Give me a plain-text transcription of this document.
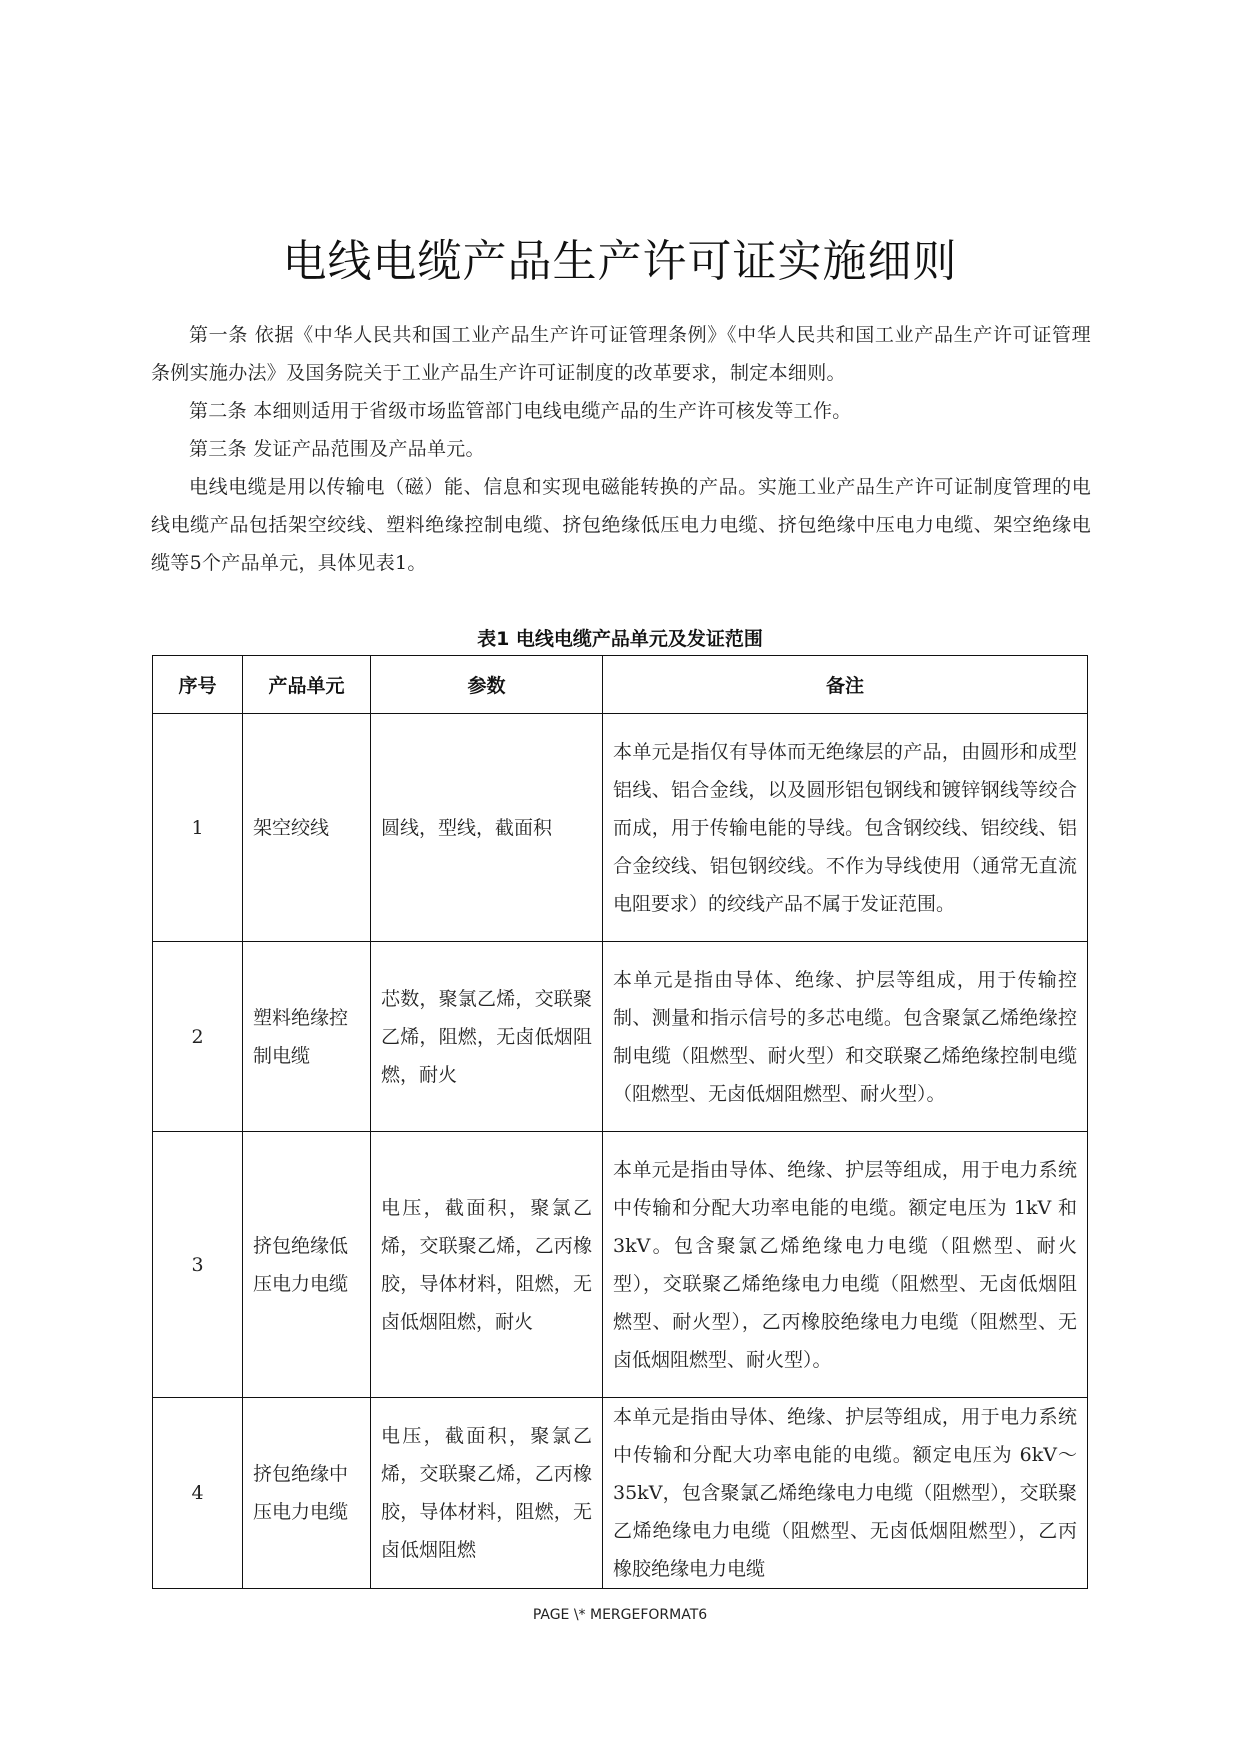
电线电缆产品生产许可证实施细则
第一条 依据《中华人民共和国工业产品生产许可证管理条例》《中华人民共和国工业产品生产许可证管理条例实施办法》及国务院关于工业产品生产许可证制度的改革要求，制定本细则。
第二条 本细则适用于省级市场监管部门电线电缆产品的生产许可核发等工作。
第三条 发证产品范围及产品单元。
电线电缆是用以传输电（磁）能、信息和实现电磁能转换的产品。实施工业产品生产许可证制度管理的电线电缆产品包括架空绞线、塑料绝缘控制电缆、挤包绝缘低压电力电缆、挤包绝缘中压电力电缆、架空绝缘电缆等5个产品单元，具体见表1。
表1 电线电缆产品单元及发证范围
序号	产品单元	参数	备注
1	架空绞线	圆线，型线，截面积	本单元是指仅有导体而无绝缘层的产品，由圆形和成型铝线、铝合金线，以及圆形铝包钢线和镀锌钢线等绞合而成，用于传输电能的导线。包含钢绞线、铝绞线、铝合金绞线、铝包钢绞线。不作为导线使用（通常无直流电阻要求）的绞线产品不属于发证范围。
2	塑料绝缘控制电缆	芯数，聚氯乙烯，交联聚乙烯，阻燃，无卤低烟阻燃，耐火	本单元是指由导体、绝缘、护层等组成，用于传输控制、测量和指示信号的多芯电缆。包含聚氯乙烯绝缘控制电缆（阻燃型、耐火型）和交联聚乙烯绝缘控制电缆（阻燃型、无卤低烟阻燃型、耐火型）。
3	挤包绝缘低压电力电缆	电压，截面积，聚氯乙烯，交联聚乙烯，乙丙橡胶，导体材料，阻燃，无卤低烟阻燃，耐火	本单元是指由导体、绝缘、护层等组成，用于电力系统中传输和分配大功率电能的电缆。额定电压为 1kV 和 3kV。包含聚氯乙烯绝缘电力电缆（阻燃型、耐火型），交联聚乙烯绝缘电力电缆（阻燃型、无卤低烟阻燃型、耐火型），乙丙橡胶绝缘电力电缆（阻燃型、无卤低烟阻燃型、耐火型）。
4	挤包绝缘中压电力电缆	电压，截面积，聚氯乙烯，交联聚乙烯，乙丙橡胶，导体材料，阻燃，无卤低烟阻燃	本单元是指由导体、绝缘、护层等组成，用于电力系统中传输和分配大功率电能的电缆。额定电压为 6kV～35kV，包含聚氯乙烯绝缘电力电缆（阻燃型），交联聚乙烯绝缘电力电缆（阻燃型、无卤低烟阻燃型），乙丙橡胶绝缘电力电缆
PAGE \* MERGEFORMAT6
